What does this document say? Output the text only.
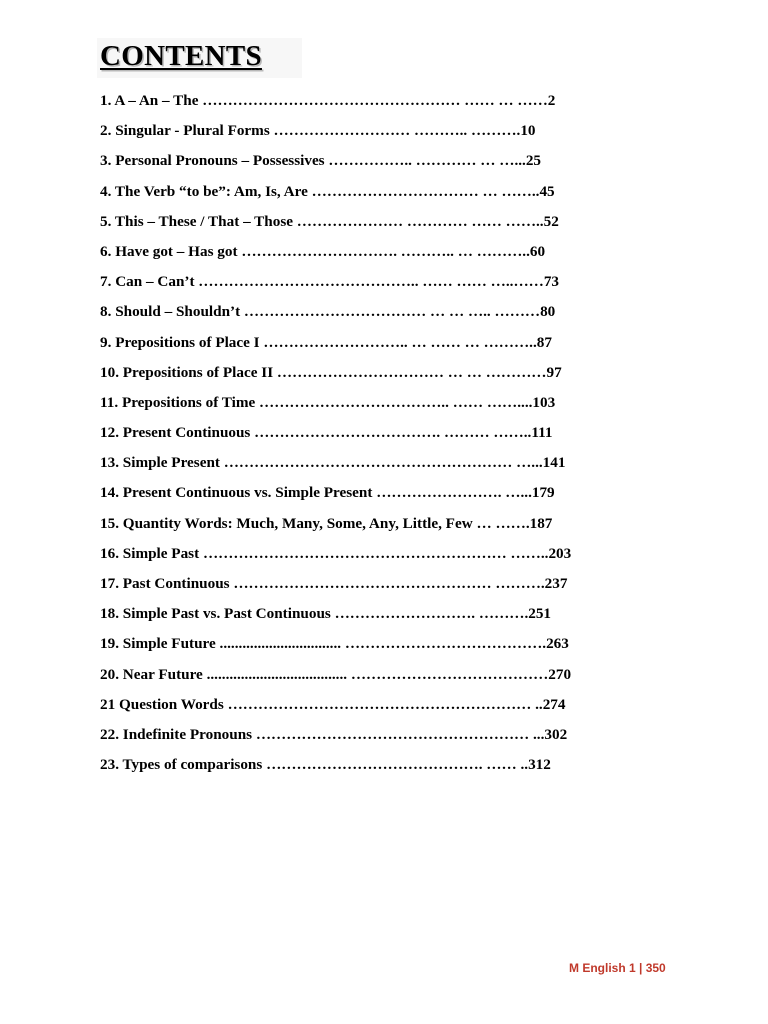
CONTENTS
1. A – An – The …………………………………………… …… … ……2
2. Singular - Plural Forms ……………………… ……….. ……….10
3. Personal Pronouns – Possessives …………….. ………… … …...25
4. The Verb “to be”: Am, Is, Are …………………………… … ……..45
5. This – These / That – Those ………………… ………… …… ……..52
6. Have got – Has got …………………………. ……….. … ………..60
7. Can – Can’t …………………………………….. …… …… …..……73
8. Should – Shouldn’t ……………………………… … … ….. ………80
9. Prepositions of Place I ……………………….. … …… … ………..87
10. Prepositions of Place II …………………………… … … …………97
11. Prepositions of Time ……………………………….. …… ……....103
12. Present Continuous ………………………………. ……… ……..111
13. Simple Present ………………………………………………… …...141
14. Present Continuous vs. Simple Present ……………………. …...179
15. Quantity Words: Much, Many, Some, Any, Little, Few … …….187
16. Simple Past …………………………………………………… ……..203
17. Past Continuous …………………………………………… ……….237
18. Simple Past vs. Past Continuous ………………………. ……….251
19. Simple Future ................................ ………………………………….263
20. Near Future ..................................... …………………………………270
21 Question Words …………………………………………………… ..274
22. Indefinite Pronouns ……………………………………………… ...302
23. Types of comparisons ……………………………………. …… ..312
M English 1 | 350
